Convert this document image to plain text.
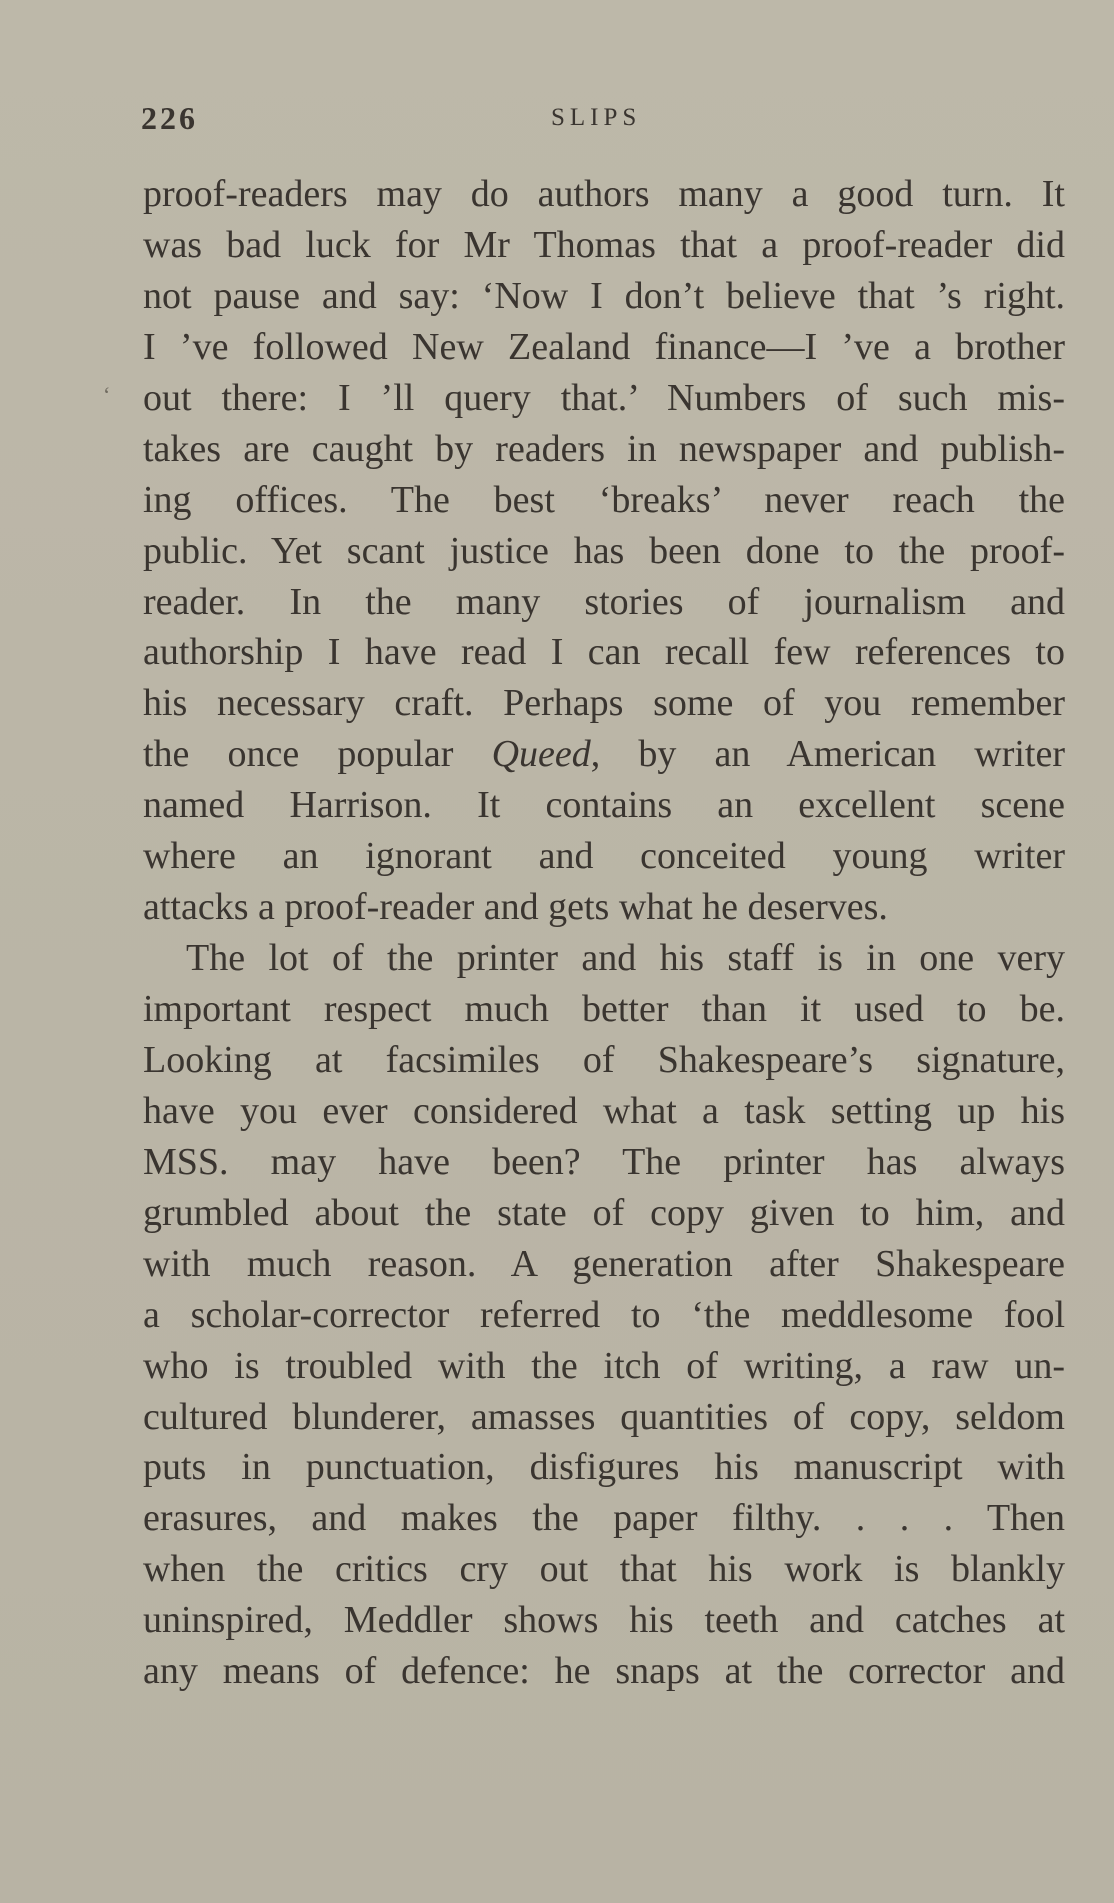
226	SLIPS
‘
proof-readers may do authors many a good turn. It
was bad luck for Mr Thomas that a proof-reader did
not pause and say: ‘Now I don’t believe that ’s right.
I ’ve followed New Zealand finance—I ’ve a brother
out there: I ’ll query that.’ Numbers of such mis-
takes are caught by readers in newspaper and publish-
ing offices. The best ‘breaks’ never reach the
public. Yet scant justice has been done to the proof-
reader. In the many stories of journalism and
authorship I have read I can recall few references to
his necessary craft. Perhaps some of you remember
the once popular Queed, by an American writer
named Harrison. It contains an excellent scene
where an ignorant and conceited young writer
attacks a proof-reader and gets what he deserves.
The lot of the printer and his staff is in one very
important respect much better than it used to be.
Looking at facsimiles of Shakespeare’s signature,
have you ever considered what a task setting up his
MSS. may have been? The printer has always
grumbled about the state of copy given to him, and
with much reason. A generation after Shakespeare
a scholar-corrector referred to ‘the meddlesome fool
who is troubled with the itch of writing, a raw un-
cultured blunderer, amasses quantities of copy, seldom
puts in punctuation, disfigures his manuscript with
erasures, and makes the paper filthy. . . . Then
when the critics cry out that his work is blankly
uninspired, Meddler shows his teeth and catches at
any means of defence: he snaps at the corrector and
